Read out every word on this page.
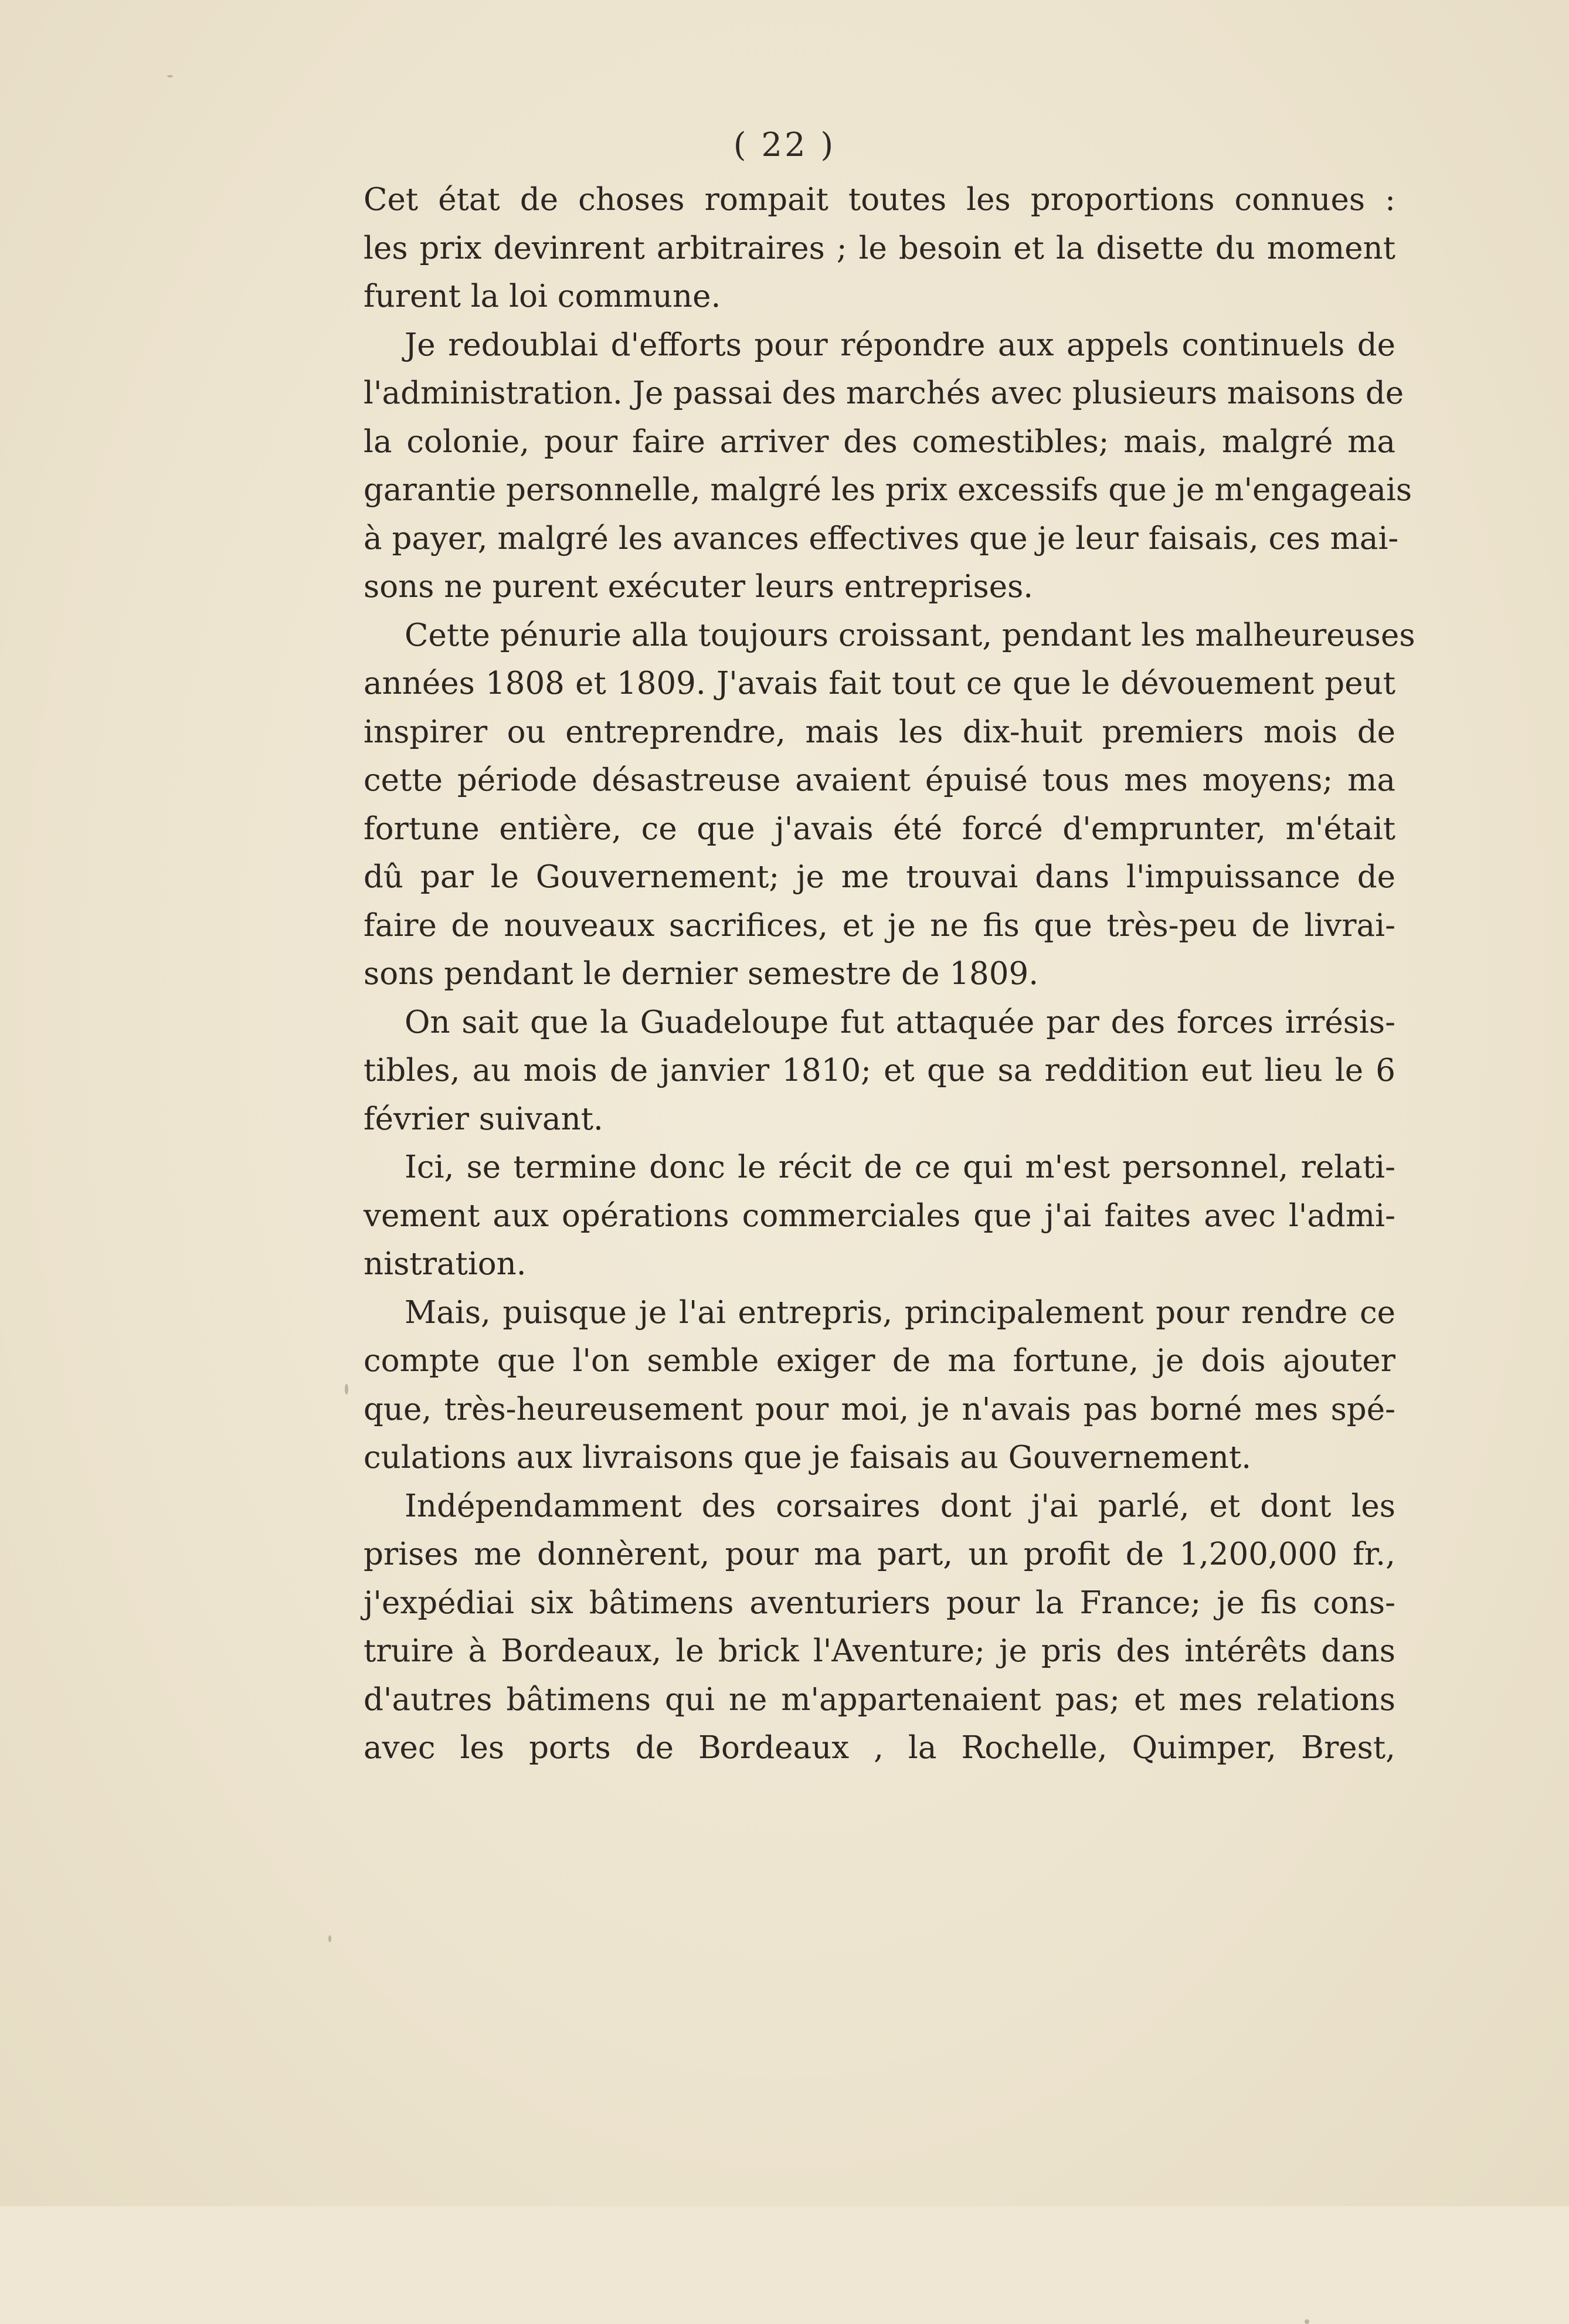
( 22 )
Cet état de choses rompait toutes les proportions connues :
les prix devinrent arbitraires ; le besoin et la disette du moment
furent la loi commune.
Je redoublai d'efforts pour répondre aux appels continuels de
l'administration. Je passai des marchés avec plusieurs maisons de
la colonie, pour faire arriver des comestibles; mais, malgré ma
garantie personnelle, malgré les prix excessifs que je m'engageais
à payer, malgré les avances effectives que je leur faisais, ces mai-
sons ne purent exécuter leurs entreprises.
Cette pénurie alla toujours croissant, pendant les malheureuses
années 1808 et 1809. J'avais fait tout ce que le dévouement peut
inspirer ou entreprendre, mais les dix-huit premiers mois de
cette période désastreuse avaient épuisé tous mes moyens; ma
fortune entière, ce que j'avais été forcé d'emprunter, m'était
dû par le Gouvernement; je me trouvai dans l'impuissance de
faire de nouveaux sacrifices, et je ne fis que très-peu de livrai-
sons pendant le dernier semestre de 1809.
On sait que la Guadeloupe fut attaquée par des forces irrésis-
tibles, au mois de janvier 1810; et que sa reddition eut lieu le 6
février suivant.
Ici, se termine donc le récit de ce qui m'est personnel, relati-
vement aux opérations commerciales que j'ai faites avec l'admi-
nistration.
Mais, puisque je l'ai entrepris, principalement pour rendre ce
compte que l'on semble exiger de ma fortune, je dois ajouter
que, très-heureusement pour moi, je n'avais pas borné mes spé-
culations aux livraisons que je faisais au Gouvernement.
Indépendamment des corsaires dont j'ai parlé, et dont les
prises me donnèrent, pour ma part, un profit de 1,200,000 fr.,
j'expédiai six bâtimens aventuriers pour la France; je fis cons-
truire à Bordeaux, le brick l'Aventure; je pris des intérêts dans
d'autres bâtimens qui ne m'appartenaient pas; et mes relations
avec les ports de Bordeaux , la Rochelle, Quimper, Brest,
